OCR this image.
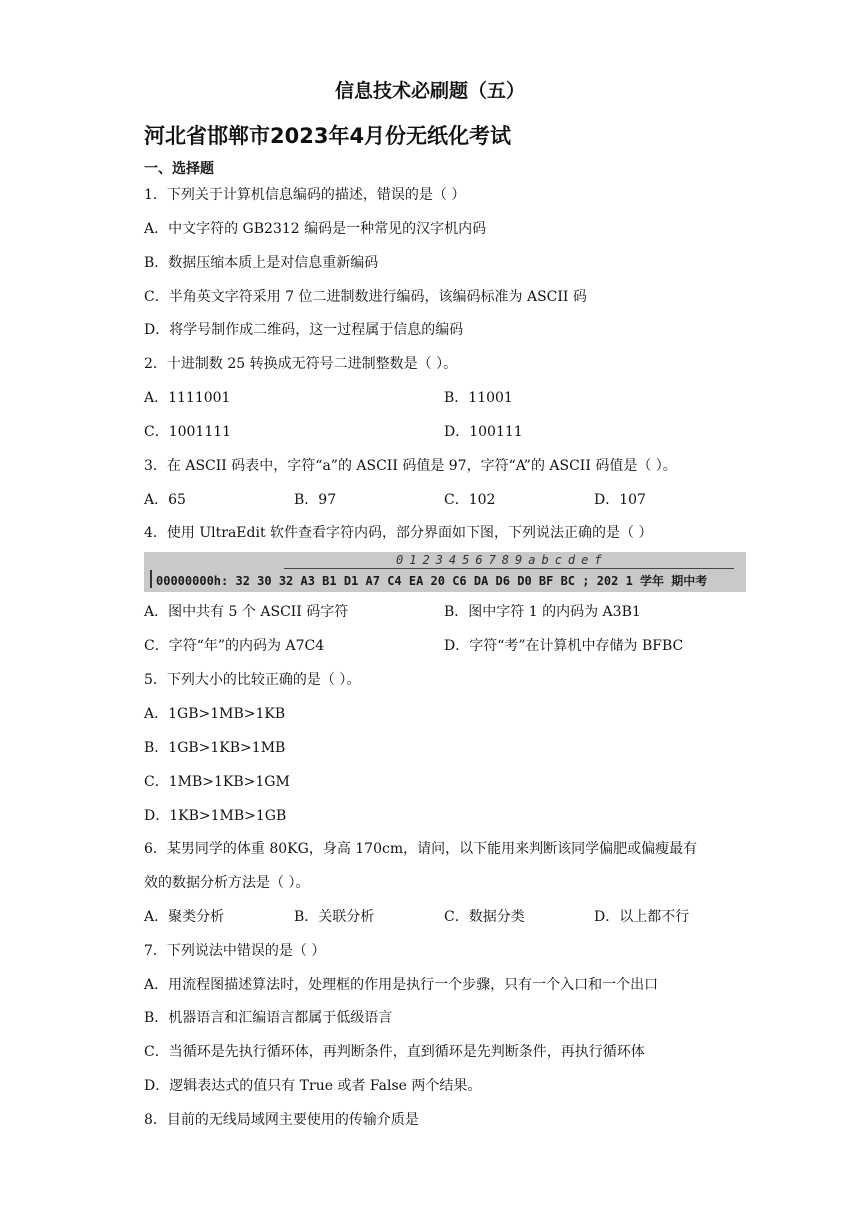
信息技术必刷题（五）
河北省邯郸市2023年4月份无纸化考试
一、选择题
1．下列关于计算机信息编码的描述，错误的是（ ）
A．中文字符的 GB2312 编码是一种常见的汉字机内码
B．数据压缩本质上是对信息重新编码
C．半角英文字符采用 7 位二进制数进行编码，该编码标准为 ASCII 码
D．将学号制作成二维码，这一过程属于信息的编码
2．十进制数 25 转换成无符号二进制整数是（ ）。
A．1111001	B．11001
C．1001111	D．100111
3．在 ASCII 码表中，字符“a”的 ASCII 码值是 97，字符“A”的 ASCII 码值是（ ）。
A．65	B．97	C．102	D．107
4．使用 UltraEdit 软件查看字符内码，部分界面如下图，下列说法正确的是（ ）
0123456789abcdef
00000000h: 32 30 32 A3 B1 D1 A7 C4 EA 20 C6 DA D6 D0 BF BC ; 202 1 学年 期中考
A．图中共有 5 个 ASCII 码字符	B．图中字符 1 的内码为 A3B1
C．字符“年”的内码为 A7C4	D．字符“考”在计算机中存储为 BFBC
5．下列大小的比较正确的是（ ）。
A．1GB>1MB>1KB
B．1GB>1KB>1MB
C．1MB>1KB>1GM
D．1KB>1MB>1GB
6．某男同学的体重 80KG，身高 170cm，请问，以下能用来判断该同学偏肥或偏瘦最有
效的数据分析方法是（ ）。
A．聚类分析	B．关联分析	C．数据分类	D．以上都不行
7．下列说法中错误的是（ ）
A．用流程图描述算法时，处理框的作用是执行一个步骤，只有一个入口和一个出口
B．机器语言和汇编语言都属于低级语言
C．当循环是先执行循环体，再判断条件，直到循环是先判断条件，再执行循环体
D．逻辑表达式的值只有 True 或者 False 两个结果。
8．目前的无线局域网主要使用的传输介质是
